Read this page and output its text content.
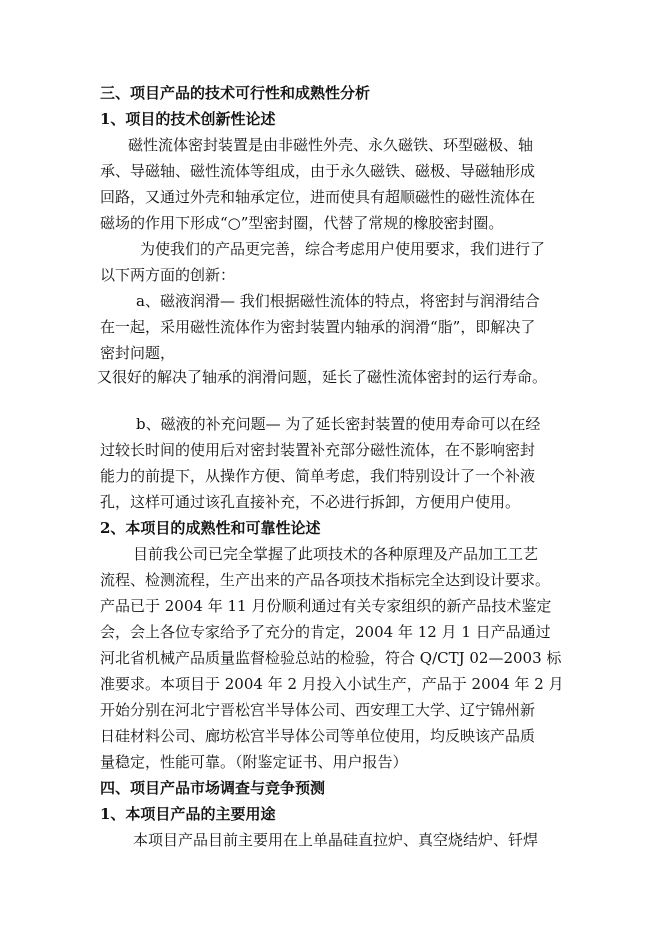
三、项目产品的技术可行性和成熟性分析

1、项目的技术创新性论述

磁性流体密封装置是由非磁性外壳、永久磁铁、环型磁极、轴

承、导磁轴、磁性流体等组成，由于永久磁铁、磁极、导磁轴形成

回路，又通过外壳和轴承定位，进而使具有超顺磁性的磁性流体在

磁场的作用下形成“○”型密封圈，代替了常规的橡胶密封圈。

为使我们的产品更完善，综合考虑用户使用要求，我们进行了

以下两方面的创新：

a、磁液润滑— 我们根据磁性流体的特点，将密封与润滑结合

在一起，采用磁性流体作为密封装置内轴承的润滑“脂”，即解决了

密封问题，

又很好的解决了轴承的润滑问题，延长了磁性流体密封的运行寿命。

b、磁液的补充问题— 为了延长密封装置的使用寿命可以在经

过较长时间的使用后对密封装置补充部分磁性流体，在不影响密封

能力的前提下，从操作方便、简单考虑，我们特别设计了一个补液

孔，这样可通过该孔直接补充，不必进行拆卸，方便用户使用。

2、本项目的成熟性和可靠性论述

目前我公司已完全掌握了此项技术的各种原理及产品加工工艺

流程、检测流程，生产出来的产品各项技术指标完全达到设计要求。

产品已于 2004 年 11 月份顺利通过有关专家组织的新产品技术鉴定

会，会上各位专家给予了充分的肯定，2004 年 12 月 1 日产品通过

河北省机械产品质量监督检验总站的检验，符合 Q/CTJ 02—2003 标

准要求。本项目于 2004 年 2 月投入小试生产，产品于 2004 年 2 月

开始分别在河北宁晋松宫半导体公司、西安理工大学、辽宁锦州新

日硅材料公司、廊坊松宫半导体公司等单位使用，均反映该产品质

量稳定，性能可靠。（附鉴定证书、用户报告）

四、项目产品市场调查与竞争预测

1、本项目产品的主要用途

本项目产品目前主要用在上单晶硅直拉炉、真空烧结炉、钎焊
